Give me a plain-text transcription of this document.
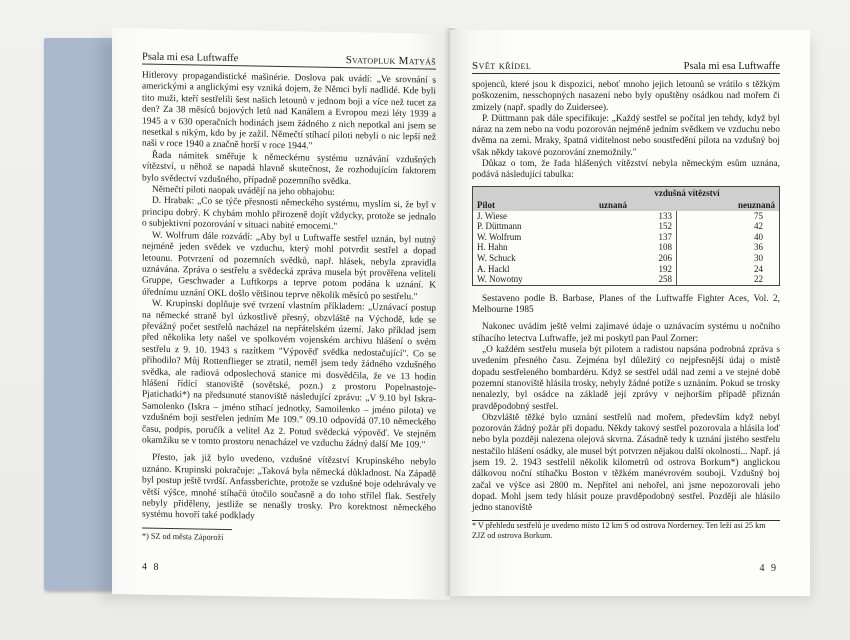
Psala mi esa Luftwaffe	Svatopluk Matyáš

Hitlerovy propagandistické mašinérie. Doslova pak uvádí: „Ve srovnání s americkými a anglickými esy vzniká dojem, že Němci byli nadlidé. Kde byli tito muži, kteří sestřelili šest našich letounů v jednom boji a více než tucet za den? Za 38 měsíců bojových letů nad Kanálem a Evropou mezi léty 1939 a 1945 a v 630 operačních hodinách jsem žádného z nich nepotkal ani jsem se nesetkal s nikým, kdo by je zažil. Němečtí stíhací piloti nebyli o nic lepší než naši v roce 1940 a značně horší v roce 1944."

Řada námitek směřuje k německému systému uznávání vzdušných vítězství, u něhož se napadá hlavně skutečnost, že rozhodujícím faktorem bylo svědectví vzdušného, případně pozemního svědka.

Němečtí piloti naopak uvádějí na jeho obhajobu:

D. Hrabak: „Co se týče přesnosti německého systému, myslím si, že byl v principu dobrý. K chybám mohlo přirozeně dojít vždycky, protože se jednalo o subjektivní pozorování v situaci nabité emocemi."

W. Wolfrum dále rozvádí: „Aby byl u Luftwaffe sestřel uznán, byl nutný nejméně jeden svědek ve vzduchu, který mohl potvrdit sestřel a dopad letounu. Potvrzení od pozemních svědků, např. hlásek, nebyla zpravidla uznávána. Zpráva o sestřelu a svědecká zpráva musela být prověřena veliteli Gruppe, Geschwader a Luftkorps a teprve potom podána k uznání. K úřednímu uznání OKL došlo většinou teprve několik měsíců po sestřelu."

W. Krupinski doplňuje své tvrzení vlastním příkladem: „Uznávací postup na německé straně byl úzkostlivě přesný, obzvláště na Východě, kde se převážný počet sestřelů nacházel na nepřátelském území. Jako příklad jsem před několika lety našel ve spolkovém vojenském archivu hlášení o svém sestřelu z 9. 10. 1943 s razítkem "Výpověď svědka nedostačující". Co se přihodilo? Můj Rottenflieger se ztratil, neměl jsem tedy žádného vzdušného svědka, ale radiová odposlechová stanice mi dosvědčila, že ve 13 hodin hlášení řídící stanoviště (sovětské, pozn.) z prostoru Popelnastoje-Pjatichatki*) na předsunuté stanoviště následující zprávu: „V 9.10 byl Iskra-Samolenko (Iskra – jméno stíhací jednotky, Samoilenko – jméno pilota) ve vzdušném boji sestřelen jedním Me 109." 09.10 odpovídá 07.10 německého času, podpis, poručík a velitel Az 2. Potud svědecká výpověď. Ve stejném okamžiku se v tomto prostoru nenacházel ve vzduchu žádný další Me 109."

Přesto, jak již bylo uvedeno, vzdušné vítězství Krupinského nebylo uznáno. Krupinski pokračuje: „Taková byla německá důkladnost. Na Západě byl postup ještě tvrdší. Anfassberichte, protože se vzdušné boje odehrávaly ve větší výšce, mnohé stíhačů útočilo současně a do toho střílel flak. Sestřely nebyly přiděleny, jestliže se nenašly trosky. Pro korektnost německého systému hovoří také podklady

*) SZ od města Záporoží
4 8
Svět křídel	Psala mi esa Luftwaffe

spojenců, které jsou k dispozici, neboť mnoho jejich letounů se vrátilo s těžkým poškozením, nesschopných nasazení nebo byly opuštěny osádkou nad mořem či zmizely (např. spadly do Zuidersee).

P. Düttmann pak dále specifikuje: „Každý sestřel se počítal jen tehdy, když byl náraz na zem nebo na vodu pozorován nejméně jedním svědkem ve vzduchu nebo dvěma na zemi. Mraky, špatná viditelnost nebo soustředění pilota na vzdušný boj však někdy takové pozorování znemožnily."

Důkaz o tom, že řada hlášených vítězství nebyla německým esům uznána, podává následující tabulka:

	vzdušná vítězství	
Pilot	uznaná	neuznaná
J. Wiese	133	75
P. Düttmann	152	42
W. Wolfrum	137	40
H. Hahn	108	36
W. Schuck	206	30
A. Hackl	192	24
W. Nowotny	258	22

Sestaveno podle B. Barbase, Planes of the Luftwaffe Fighter Aces, Vol. 2, Melbourne 1985

Nakonec uvádím ještě velmi zajímavé údaje o uznávacím systému u nočního stíhacího letectva Luftwaffe, jež mi poskytl pan Paul Zorner:

„O každém sestřelu musela být pilotem a radistou napsána podrobná zpráva s uvedením přesného času. Zejména byl důležitý co nejpřesnější údaj o místě dopadu sestřeleného bombardéru. Když se sestřel udál nad zemí a ve stejné době pozemní stanoviště hlásila trosky, nebyly žádné potíže s uznáním. Pokud se trosky nenalezly, byl osádce na základě její zprávy v nejhorším případě přiznán pravděpodobný sestřel.

Obzvláště těžké bylo uznání sestřelů nad mořem, především když nebyl pozorován žádný požár při dopadu. Někdy takový sestřel pozorovala a hlásila loď nebo byla později nalezena olejová skvrna. Zásadně tedy k uznání jistého sestřelu nestačilo hlášení osádky, ale musel být potvrzen nějakou další okolností... Např. já jsem 19. 2. 1943 sestřelil několik kilometrů od ostrova Borkum*) anglickou dálkovou noční stíhačku Boston v těžkém manévrovém souboji. Vzdušný boj začal ve výšce asi 2800 m. Nepřítel ani nehořel, ani jsme nepozorovali jeho dopad. Mohl jsem tedy hlásit pouze pravděpodobný sestřel. Později ale hlásilo jedno stanoviště

* V přehledu sestřelů je uvedeno místo 12 km S od ostrova Norderney. Ten leží asi 25 km ZJZ od ostrova Borkum.
4 9
